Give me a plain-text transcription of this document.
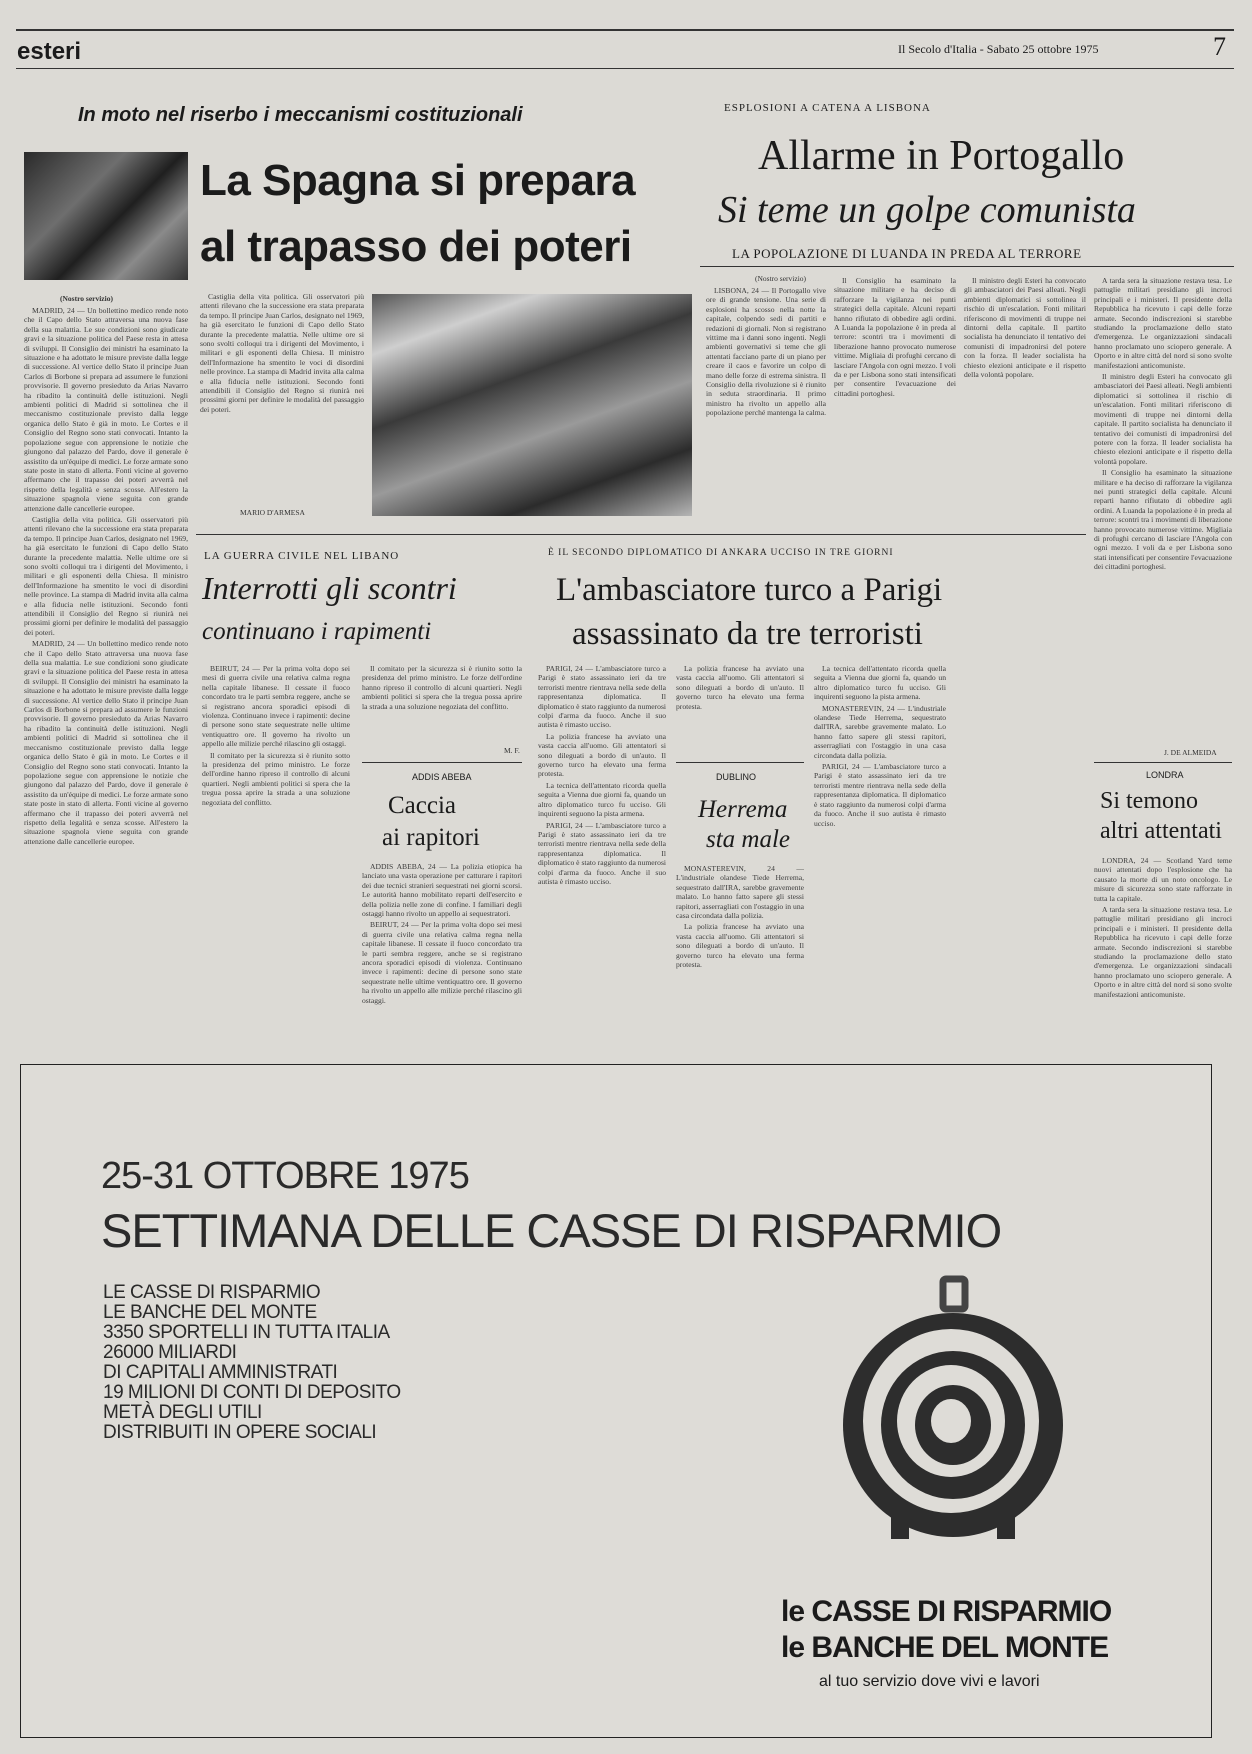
esteri	Il Secolo d'Italia - Sabato 25 ottobre 1975	7
In moto nel riserbo i meccanismi costituzionali
La Spagna si prepara
al trapasso dei poteri
(Nostro servizio)

MADRID, 24 — Un bollettino medico rende noto che il Capo dello Stato attraversa una nuova fase della sua malattia. Le sue condizioni sono giudicate gravi e la situazione politica del Paese resta in attesa di sviluppi. Il Consiglio dei ministri ha esaminato la situazione e ha adottato le misure previste dalla legge di successione. Al vertice dello Stato il principe Juan Carlos di Borbone si prepara ad assumere le funzioni provvisorie. Il governo presieduto da Arias Navarro ha ribadito la continuità delle istituzioni. Negli ambienti politici di Madrid si sottolinea che il meccanismo costituzionale previsto dalla legge organica dello Stato è già in moto. Le Cortes e il Consiglio del Regno sono stati convocati. Intanto la popolazione segue con apprensione le notizie che giungono dal palazzo del Pardo, dove il generale è assistito da un'équipe di medici. Le forze armate sono state poste in stato di allerta. Fonti vicine al governo affermano che il trapasso dei poteri avverrà nel rispetto della legalità e senza scosse. All'estero la situazione spagnola viene seguita con grande attenzione dalle cancellerie europee.

Castiglia della vita politica. Gli osservatori più attenti rilevano che la successione era stata preparata da tempo. Il principe Juan Carlos, designato nel 1969, ha già esercitato le funzioni di Capo dello Stato durante la precedente malattia. Nelle ultime ore si sono svolti colloqui tra i dirigenti del Movimento, i militari e gli esponenti della Chiesa. Il ministro dell'Informazione ha smentito le voci di disordini nelle province. La stampa di Madrid invita alla calma e alla fiducia nelle istituzioni. Secondo fonti attendibili il Consiglio del Regno si riunirà nei prossimi giorni per definire le modalità del passaggio dei poteri.

MADRID, 24 — Un bollettino medico rende noto che il Capo dello Stato attraversa una nuova fase della sua malattia. Le sue condizioni sono giudicate gravi e la situazione politica del Paese resta in attesa di sviluppi. Il Consiglio dei ministri ha esaminato la situazione e ha adottato le misure previste dalla legge di successione. Al vertice dello Stato il principe Juan Carlos di Borbone si prepara ad assumere le funzioni provvisorie. Il governo presieduto da Arias Navarro ha ribadito la continuità delle istituzioni. Negli ambienti politici di Madrid si sottolinea che il meccanismo costituzionale previsto dalla legge organica dello Stato è già in moto. Le Cortes e il Consiglio del Regno sono stati convocati. Intanto la popolazione segue con apprensione le notizie che giungono dal palazzo del Pardo, dove il generale è assistito da un'équipe di medici. Le forze armate sono state poste in stato di allerta. Fonti vicine al governo affermano che il trapasso dei poteri avverrà nel rispetto della legalità e senza scosse. All'estero la situazione spagnola viene seguita con grande attenzione dalle cancellerie europee.

Castiglia della vita politica. Gli osservatori più attenti rilevano che la successione era stata preparata da tempo. Il principe Juan Carlos, designato nel 1969, ha già esercitato le funzioni di Capo dello Stato durante la precedente malattia. Nelle ultime ore si sono svolti colloqui tra i dirigenti del Movimento, i militari e gli esponenti della Chiesa. Il ministro dell'Informazione ha smentito le voci di disordini nelle province. La stampa di Madrid invita alla calma e alla fiducia nelle istituzioni. Secondo fonti attendibili il Consiglio del Regno si riunirà nei prossimi giorni per definire le modalità del passaggio dei poteri.

MARIO D'ARMESA
ESPLOSIONI A CATENA A LISBONA
Allarme in Portogallo
Si teme un golpe comunista
LA POPOLAZIONE DI LUANDA IN PREDA AL TERRORE
(Nostro servizio)

LISBONA, 24 — Il Portogallo vive ore di grande tensione. Una serie di esplosioni ha scosso nella notte la capitale, colpendo sedi di partiti e redazioni di giornali. Non si registrano vittime ma i danni sono ingenti. Negli ambienti governativi si teme che gli attentati facciano parte di un piano per creare il caos e favorire un colpo di mano delle forze di estrema sinistra. Il Consiglio della rivoluzione si è riunito in seduta straordinaria. Il primo ministro ha rivolto un appello alla popolazione perché mantenga la calma.

Il Consiglio ha esaminato la situazione militare e ha deciso di rafforzare la vigilanza nei punti strategici della capitale. Alcuni reparti hanno rifiutato di obbedire agli ordini. A Luanda la popolazione è in preda al terrore: scontri tra i movimenti di liberazione hanno provocato numerose vittime. Migliaia di profughi cercano di lasciare l'Angola con ogni mezzo. I voli da e per Lisbona sono stati intensificati per consentire l'evacuazione dei cittadini portoghesi.

Il ministro degli Esteri ha convocato gli ambasciatori dei Paesi alleati. Negli ambienti diplomatici si sottolinea il rischio di un'escalation. Fonti militari riferiscono di movimenti di truppe nei dintorni della capitale. Il partito socialista ha denunciato il tentativo dei comunisti di impadronirsi del potere con la forza. Il leader socialista ha chiesto elezioni anticipate e il rispetto della volontà popolare.

A tarda sera la situazione restava tesa. Le pattuglie militari presidiano gli incroci principali e i ministeri. Il presidente della Repubblica ha ricevuto i capi delle forze armate. Secondo indiscrezioni si starebbe studiando la proclamazione dello stato d'emergenza. Le organizzazioni sindacali hanno proclamato uno sciopero generale. A Oporto e in altre città del nord si sono svolte manifestazioni anticomuniste.

Il ministro degli Esteri ha convocato gli ambasciatori dei Paesi alleati. Negli ambienti diplomatici si sottolinea il rischio di un'escalation. Fonti militari riferiscono di movimenti di truppe nei dintorni della capitale. Il partito socialista ha denunciato il tentativo dei comunisti di impadronirsi del potere con la forza. Il leader socialista ha chiesto elezioni anticipate e il rispetto della volontà popolare.

Il Consiglio ha esaminato la situazione militare e ha deciso di rafforzare la vigilanza nei punti strategici della capitale. Alcuni reparti hanno rifiutato di obbedire agli ordini. A Luanda la popolazione è in preda al terrore: scontri tra i movimenti di liberazione hanno provocato numerose vittime. Migliaia di profughi cercano di lasciare l'Angola con ogni mezzo. I voli da e per Lisbona sono stati intensificati per consentire l'evacuazione dei cittadini portoghesi.

J. DE ALMEIDA
LA GUERRA CIVILE NEL LIBANO
Interrotti gli scontri
continuano i rapimenti

BEIRUT, 24 — Per la prima volta dopo sei mesi di guerra civile una relativa calma regna nella capitale libanese. Il cessate il fuoco concordato tra le parti sembra reggere, anche se si registrano ancora sporadici episodi di violenza. Continuano invece i rapimenti: decine di persone sono state sequestrate nelle ultime ventiquattro ore. Il governo ha rivolto un appello alle milizie perché rilascino gli ostaggi.

Il comitato per la sicurezza si è riunito sotto la presidenza del primo ministro. Le forze dell'ordine hanno ripreso il controllo di alcuni quartieri. Negli ambienti politici si spera che la tregua possa aprire la strada a una soluzione negoziata del conflitto.

Il comitato per la sicurezza si è riunito sotto la presidenza del primo ministro. Le forze dell'ordine hanno ripreso il controllo di alcuni quartieri. Negli ambienti politici si spera che la tregua possa aprire la strada a una soluzione negoziata del conflitto.

M. F.
ADDIS ABEBA
Caccia
ai rapitori

ADDIS ABEBA, 24 — La polizia etiopica ha lanciato una vasta operazione per catturare i rapitori dei due tecnici stranieri sequestrati nei giorni scorsi. Le autorità hanno mobilitato reparti dell'esercito e della polizia nelle zone di confine. I familiari degli ostaggi hanno rivolto un appello ai sequestratori.

BEIRUT, 24 — Per la prima volta dopo sei mesi di guerra civile una relativa calma regna nella capitale libanese. Il cessate il fuoco concordato tra le parti sembra reggere, anche se si registrano ancora sporadici episodi di violenza. Continuano invece i rapimenti: decine di persone sono state sequestrate nelle ultime ventiquattro ore. Il governo ha rivolto un appello alle milizie perché rilascino gli ostaggi.

È IL SECONDO DIPLOMATICO DI ANKARA UCCISO IN TRE GIORNI
L'ambasciatore turco a Parigi
assassinato da tre terroristi

PARIGI, 24 — L'ambasciatore turco a Parigi è stato assassinato ieri da tre terroristi mentre rientrava nella sede della rappresentanza diplomatica. Il diplomatico è stato raggiunto da numerosi colpi d'arma da fuoco. Anche il suo autista è rimasto ucciso.

La polizia francese ha avviato una vasta caccia all'uomo. Gli attentatori si sono dileguati a bordo di un'auto. Il governo turco ha elevato una ferma protesta.

La tecnica dell'attentato ricorda quella seguita a Vienna due giorni fa, quando un altro diplomatico turco fu ucciso. Gli inquirenti seguono la pista armena.

PARIGI, 24 — L'ambasciatore turco a Parigi è stato assassinato ieri da tre terroristi mentre rientrava nella sede della rappresentanza diplomatica. Il diplomatico è stato raggiunto da numerosi colpi d'arma da fuoco. Anche il suo autista è rimasto ucciso.

La polizia francese ha avviato una vasta caccia all'uomo. Gli attentatori si sono dileguati a bordo di un'auto. Il governo turco ha elevato una ferma protesta.

La tecnica dell'attentato ricorda quella seguita a Vienna due giorni fa, quando un altro diplomatico turco fu ucciso. Gli inquirenti seguono la pista armena.

MONASTEREVIN, 24 — L'industriale olandese Tiede Herrema, sequestrato dall'IRA, sarebbe gravemente malato. Lo hanno fatto sapere gli stessi rapitori, asserragliati con l'ostaggio in una casa circondata dalla polizia.

PARIGI, 24 — L'ambasciatore turco a Parigi è stato assassinato ieri da tre terroristi mentre rientrava nella sede della rappresentanza diplomatica. Il diplomatico è stato raggiunto da numerosi colpi d'arma da fuoco. Anche il suo autista è rimasto ucciso.

DUBLINO
Herrema
sta male

MONASTEREVIN, 24 — L'industriale olandese Tiede Herrema, sequestrato dall'IRA, sarebbe gravemente malato. Lo hanno fatto sapere gli stessi rapitori, asserragliati con l'ostaggio in una casa circondata dalla polizia.

La polizia francese ha avviato una vasta caccia all'uomo. Gli attentatori si sono dileguati a bordo di un'auto. Il governo turco ha elevato una ferma protesta.

LONDRA
Si temono
altri attentati

LONDRA, 24 — Scotland Yard teme nuovi attentati dopo l'esplosione che ha causato la morte di un noto oncologo. Le misure di sicurezza sono state rafforzate in tutta la capitale.

A tarda sera la situazione restava tesa. Le pattuglie militari presidiano gli incroci principali e i ministeri. Il presidente della Repubblica ha ricevuto i capi delle forze armate. Secondo indiscrezioni si starebbe studiando la proclamazione dello stato d'emergenza. Le organizzazioni sindacali hanno proclamato uno sciopero generale. A Oporto e in altre città del nord si sono svolte manifestazioni anticomuniste.

25-31 OTTOBRE 1975
SETTIMANA DELLE CASSE DI RISPARMIO
LE CASSE DI RISPARMIO
LE BANCHE DEL MONTE
3350 SPORTELLI IN TUTTA ITALIA
26000 MILIARDI
DI CAPITALI AMMINISTRATI
19 MILIONI DI CONTI DI DEPOSITO
METÀ DEGLI UTILI
DISTRIBUITI IN OPERE SOCIALI
le CASSE DI RISPARMIO
le BANCHE DEL MONTE
al tuo servizio dove vivi e lavori
